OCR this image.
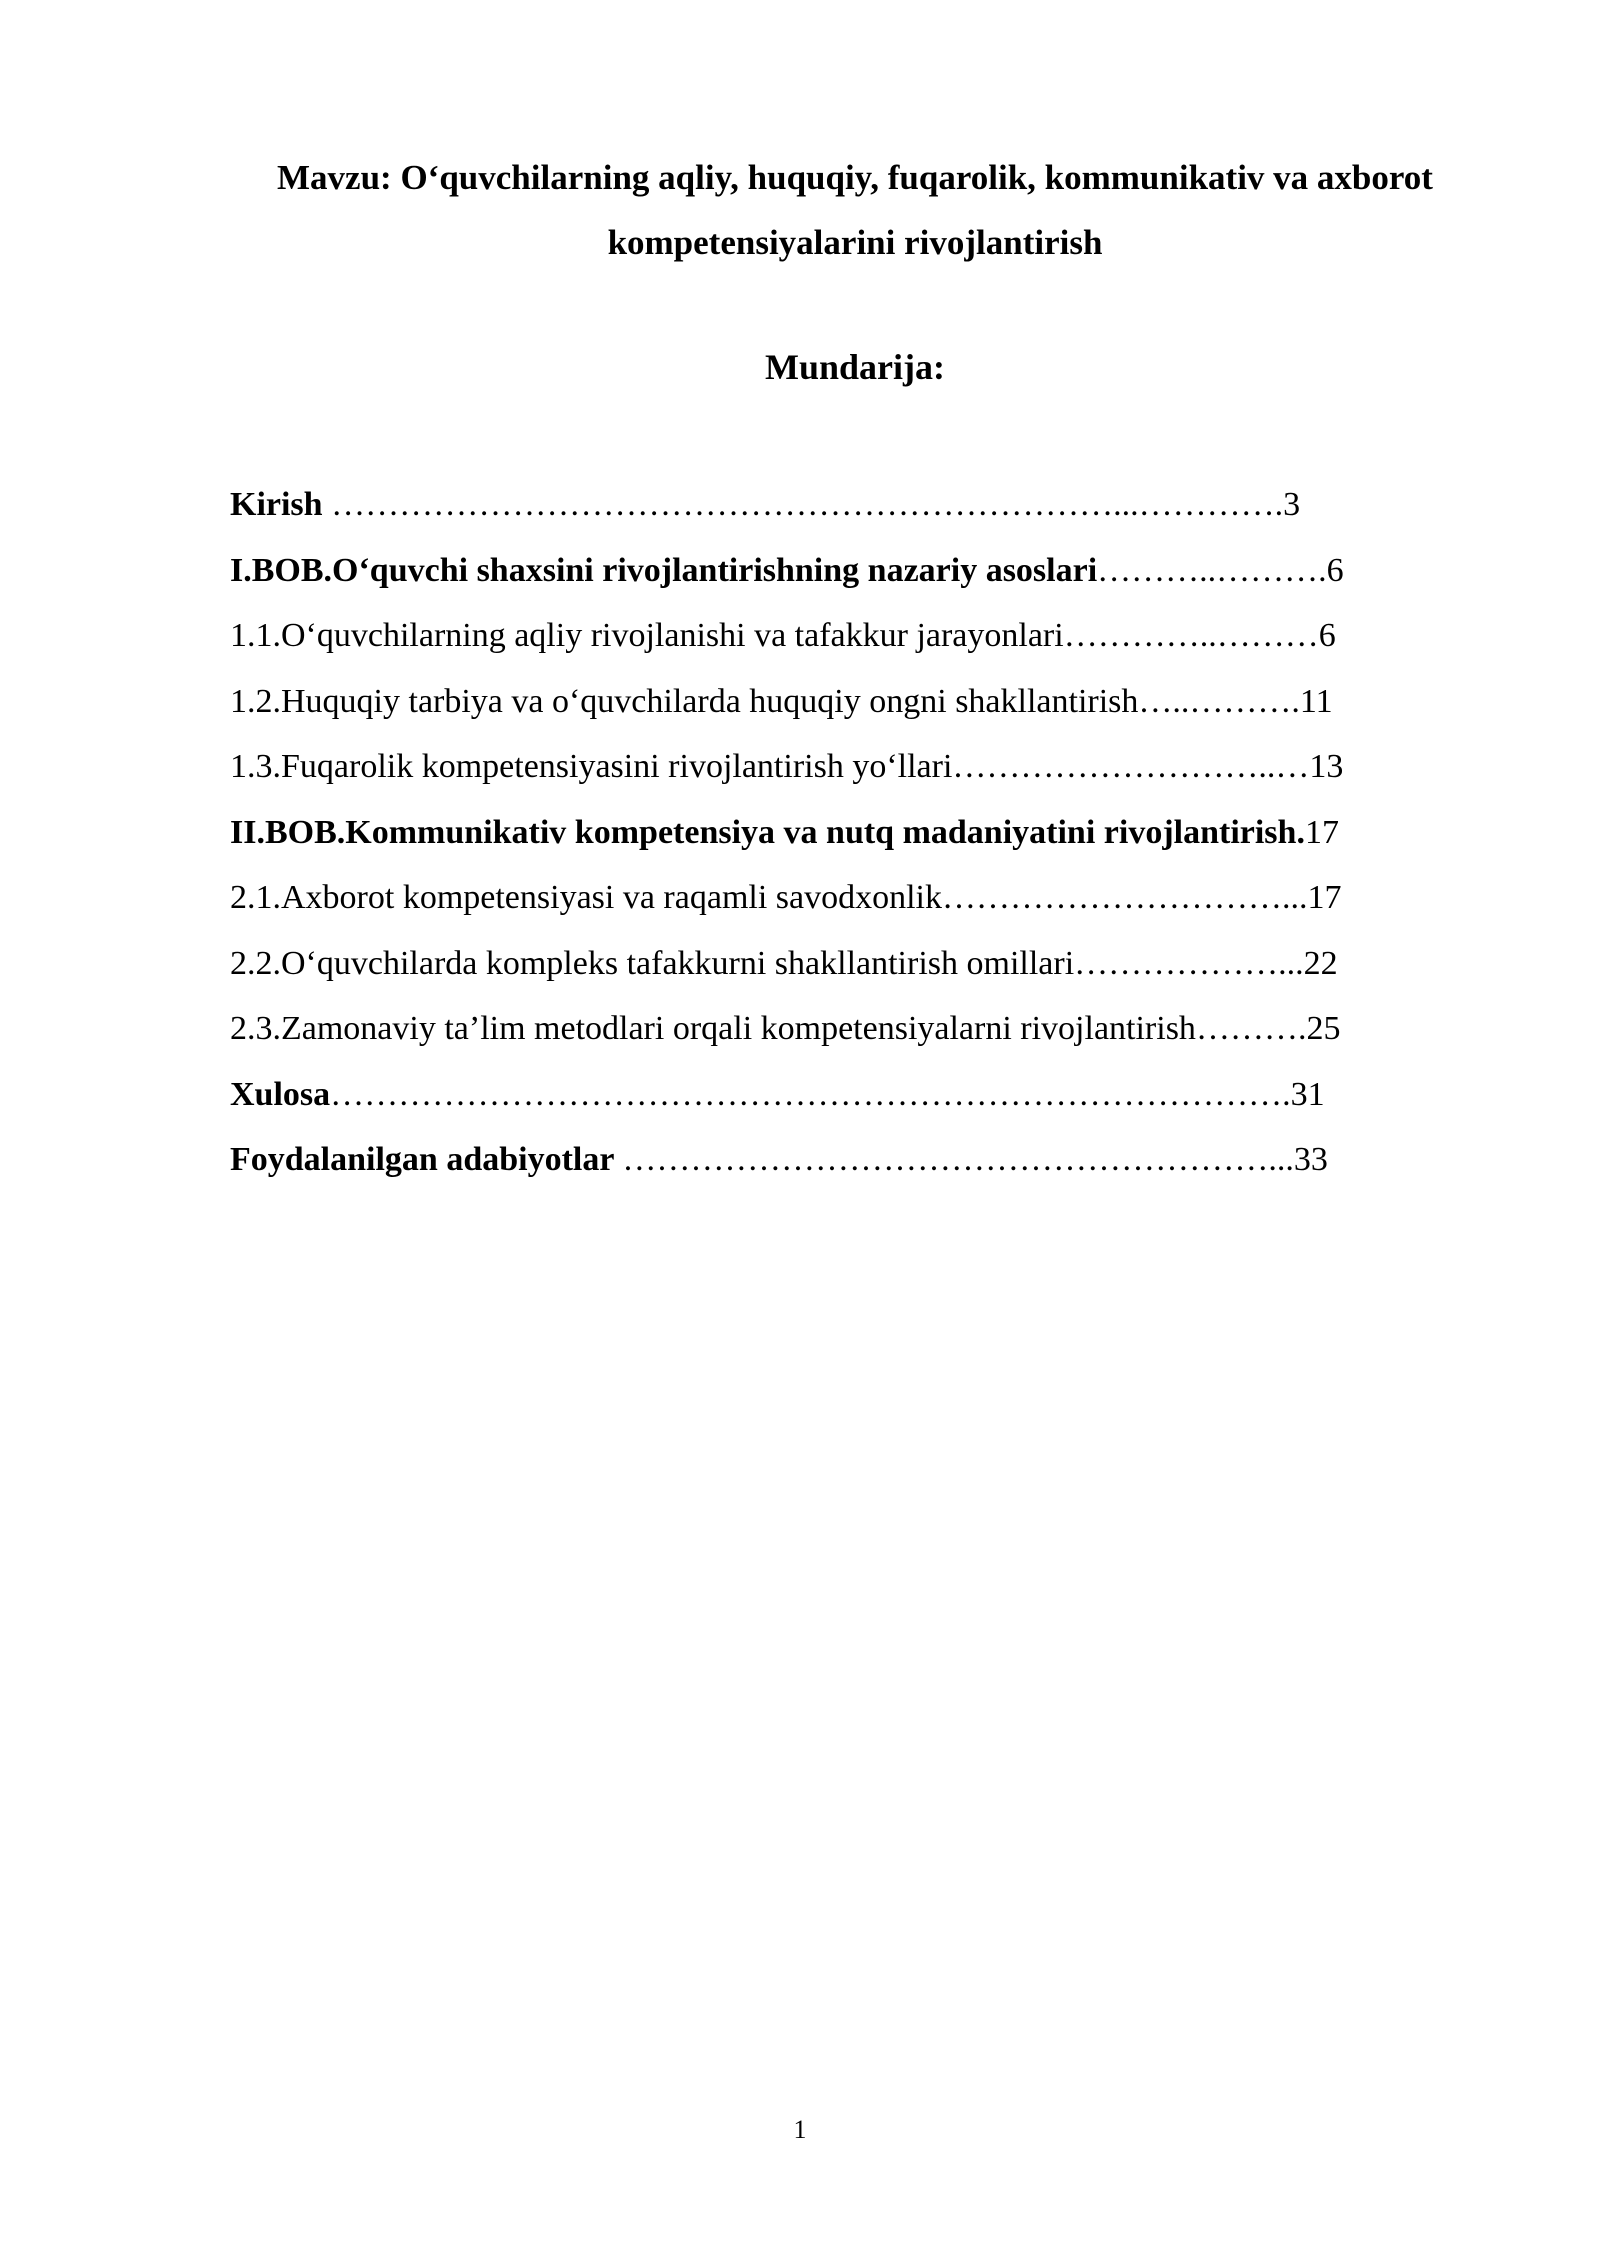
Mavzu: O‘quvchilarning aqliy, huquqiy, fuqarolik, kommunikativ va axborot
kompetensiyalarini rivojlantirish
Mundarija:
Kirish ……………………………………………………………...………….3
I.BOB.O‘quvchi shaxsini rivojlantirishning nazariy asoslari………..……….6
1.1.O‘quvchilarning aqliy rivojlanishi va tafakkur jarayonlari…………..………6
1.2.Huquqiy tarbiya va o‘quvchilarda huquqiy ongni shakllantirish…..……….11
1.3.Fuqarolik kompetensiyasini rivojlantirish yo‘llari………………………..…13
II.BOB.Kommunikativ kompetensiya va nutq madaniyatini rivojlantirish.17
2.1.Axborot kompetensiyasi va raqamli savodxonlik…………………………...17
2.2.O‘quvchilarda kompleks tafakkurni shakllantirish omillari………………...22
2.3.Zamonaviy ta’lim metodlari orqali kompetensiyalarni rivojlantirish……….25
Xulosa………………………………………………………………………….31
Foydalanilgan adabiyotlar …………………………………………………...33
1
